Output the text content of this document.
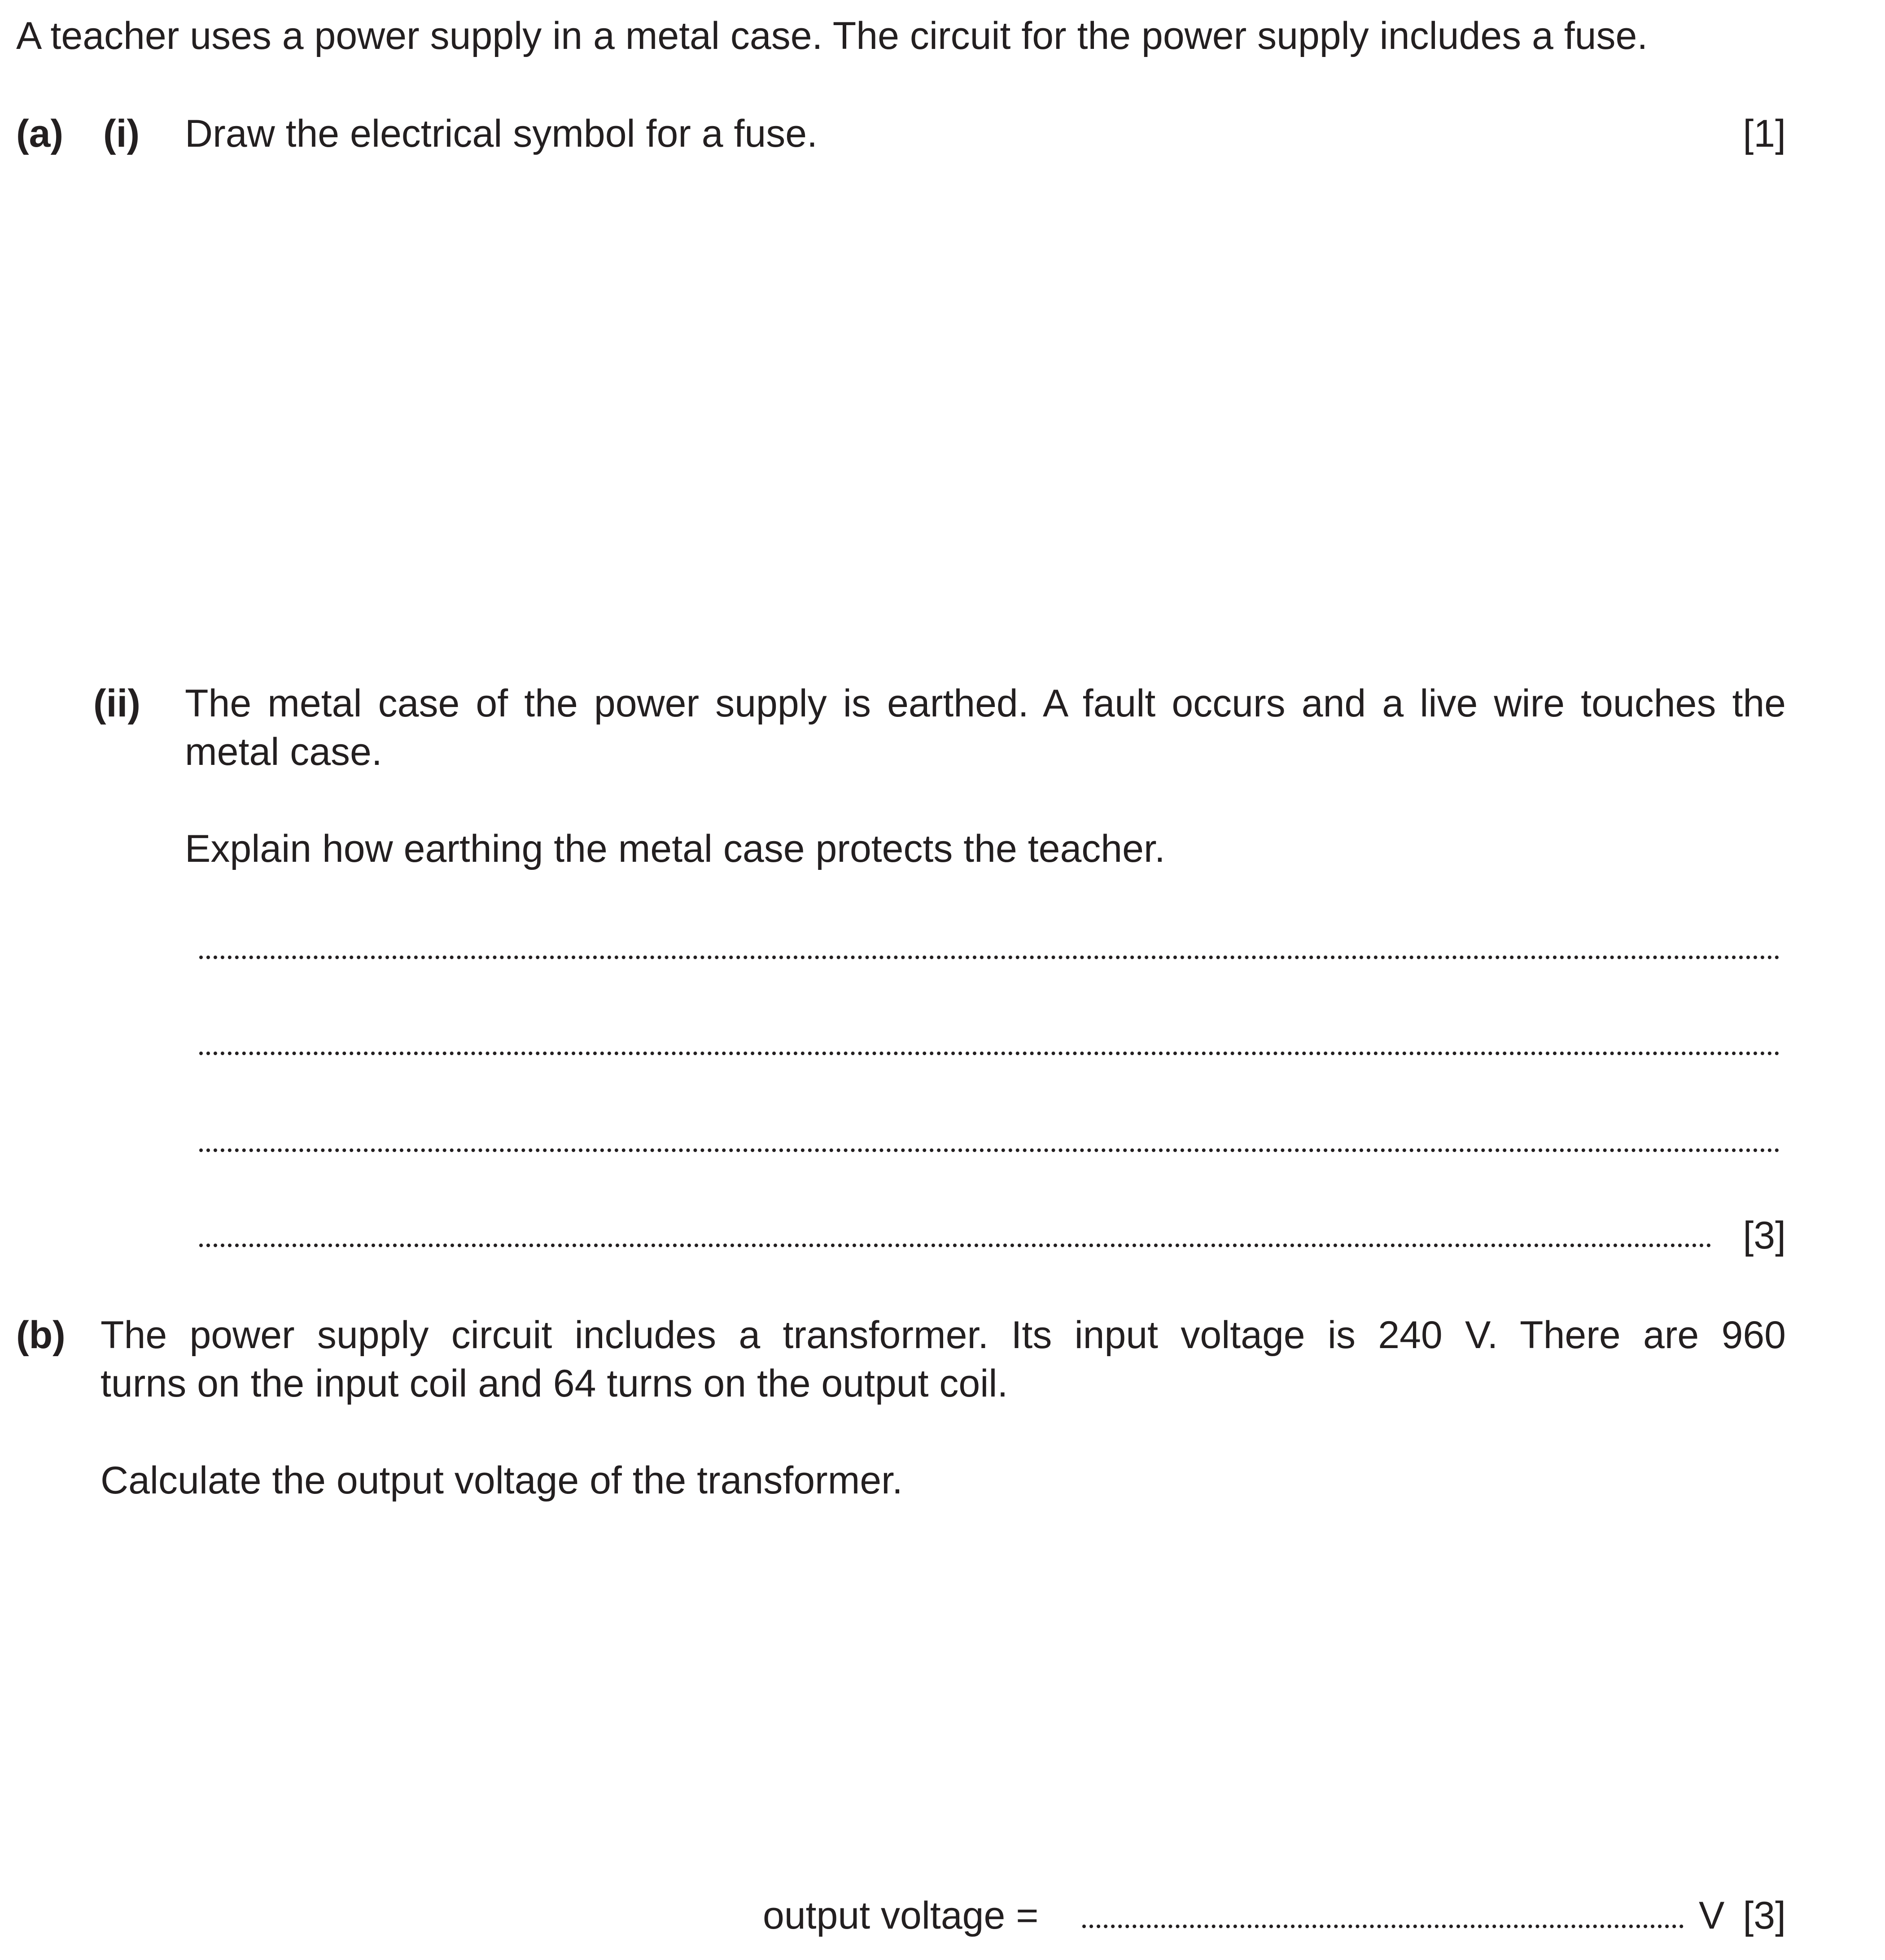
A teacher uses a power supply in a metal case. The circuit for the power supply includes a fuse.
(a) (i) Draw the electrical symbol for a fuse.	[1]
(ii) The metal case of the power supply is earthed. A fault occurs and a live wire touches the
metal case.
Explain how earthing the metal case protects the teacher.
[3]
(b) The power supply circuit includes a transformer. Its input voltage is 240 V. There are 960
turns on the input coil and 64 turns on the output coil.
Calculate the output voltage of the transformer.
output voltage =	V [3]
